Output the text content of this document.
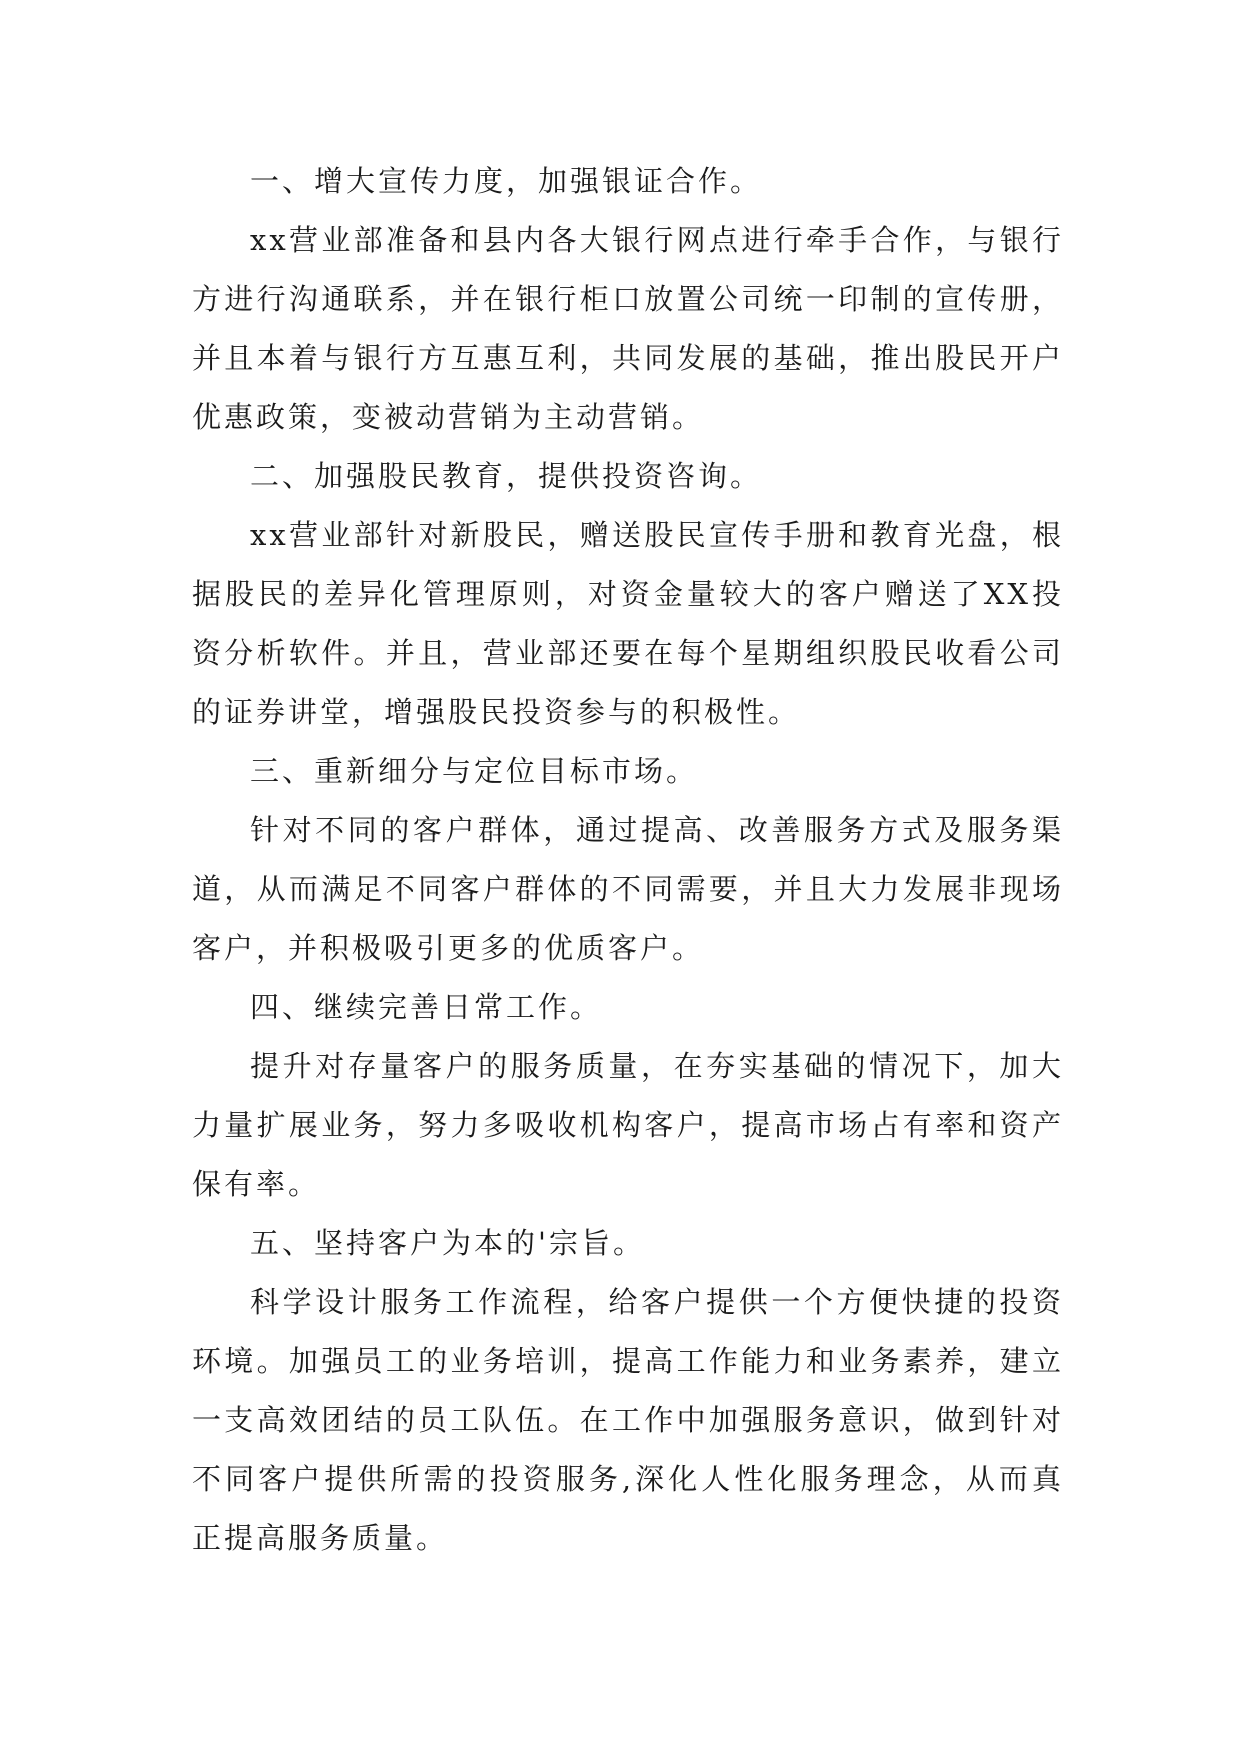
一、增大宣传力度，加强银证合作。

xx营业部准备和县内各大银行网点进行牵手合作，与银行方进行沟通联系，并在银行柜口放置公司统一印制的宣传册，并且本着与银行方互惠互利，共同发展的基础，推出股民开户优惠政策，变被动营销为主动营销。

二、加强股民教育，提供投资咨询。

xx营业部针对新股民，赠送股民宣传手册和教育光盘，根据股民的差异化管理原则，对资金量较大的客户赠送了XX投资分析软件。并且，营业部还要在每个星期组织股民收看公司的证券讲堂，增强股民投资参与的积极性。

三、重新细分与定位目标市场。

针对不同的客户群体，通过提高、改善服务方式及服务渠道，从而满足不同客户群体的不同需要，并且大力发展非现场客户，并积极吸引更多的优质客户。

四、继续完善日常工作。

提升对存量客户的服务质量，在夯实基础的情况下，加大力量扩展业务，努力多吸收机构客户，提高市场占有率和资产保有率。

五、坚持客户为本的'宗旨。

科学设计服务工作流程，给客户提供一个方便快捷的投资环境。加强员工的业务培训，提高工作能力和业务素养，建立一支高效团结的员工队伍。在工作中加强服务意识，做到针对不同客户提供所需的投资服务,深化人性化服务理念，从而真正提高服务质量。
